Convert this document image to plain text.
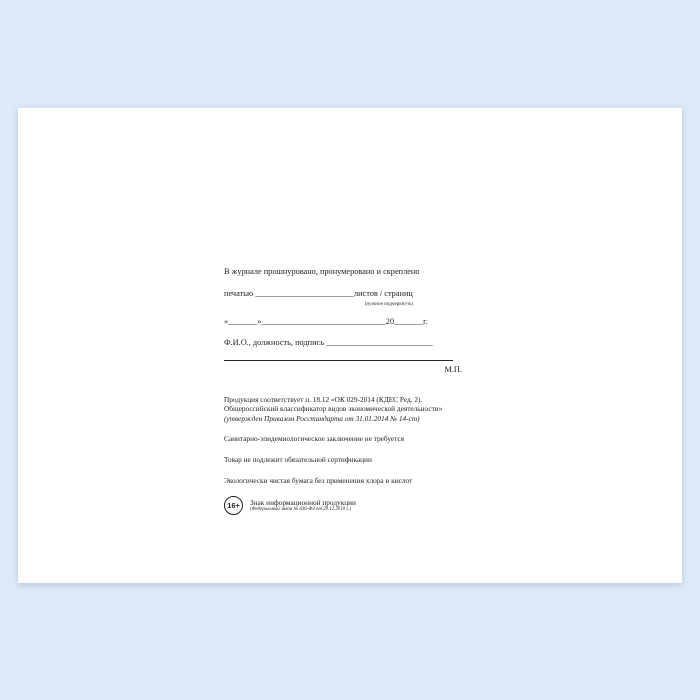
В журнале прошнуровано, пронумеровано и скреплено
печатью _________________________листов / страниц
(нужное подчеркнуть)
«_______»______________________________20_______г.
Ф.И.О., должность, подпись ___________________________
М.П.
Продукция соответствует п. 18.12 «ОК 029-2014 (КДЕС Ред. 2).
Общероссийский классификатор видов экономической деятельности»
(утвержден Приказом Росстандарта от 31.01.2014 № 14-ст)
Санитарно-эпидемиологическое заключение не требуется
Товар не подлежит обязательной сертификации
Экологически чистая бумага без применения хлора и кислот
16+	Знак информационной продукции
(Федеральный закон № 436-ФЗ от 29.12.2010 г.)
